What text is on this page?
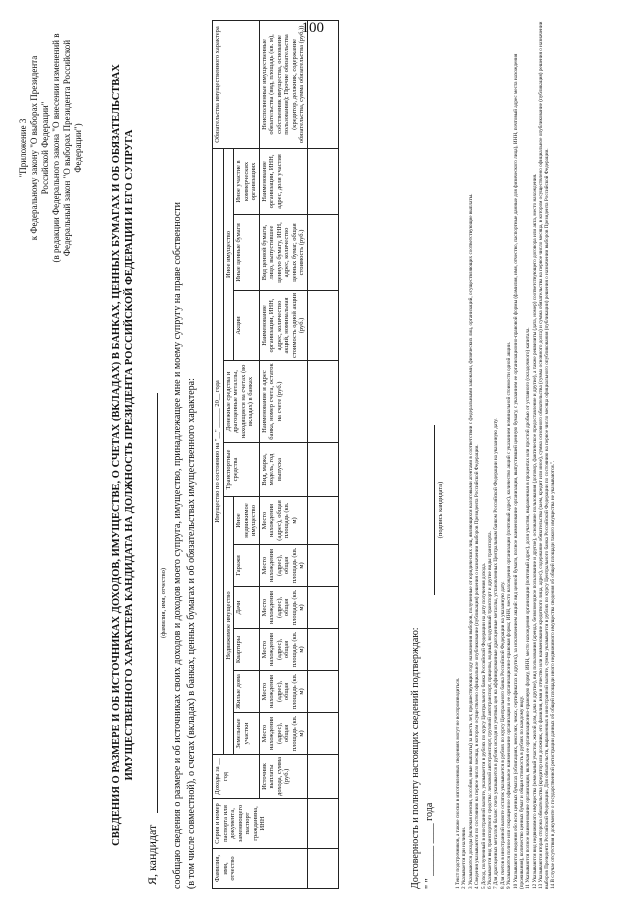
100
"Приложение 3 к Федеральному закону "О выборах Президента Российской Федерации" (в редакции Федерального закона "О внесении изменений в Федеральный закон "О выборах Президента Российской Федерации")	СВЕДЕНИЯ О РАЗМЕРЕ И ОБ ИСТОЧНИКАХ ДОХОДОВ, ИМУЩЕСТВЕ, О СЧЕТАХ (ВКЛАДАХ) В БАНКАХ, ЦЕННЫХ БУМАГАХ И ОБ ОБЯЗАТЕЛЬСТВАХ ИМУЩЕСТВЕННОГО ХАРАКТЕРА КАНДИДАТА НА ДОЛЖНОСТЬ ПРЕЗИДЕНТА РОССИЙСКОЙ ФЕДЕРАЦИИ И ЕГО СУПРУГА
Я, кандидат
(фамилия, имя, отчество) сообщаю сведения о размере и об источниках своих доходов и доходов моего супруга, имущество, принадлежащее мне и моему супругу на праве собственности (в том числе совместной), о счетах (вкладах) в банках, ценных бумагах и об обязательствах имущественного характера:	Фамилия, имя, отчество	Серия и номер паспорта или документа, заменяющего паспорт гражданина, ИНН	Доходы за __ год	Имущество по состоянию на "__" ______ 20__ года											Обязательства имущественного характера
			Недвижимое имущество						Транспортные средства	Денежные средства и драгоценные металлы, находящиеся на счетах (во вкладах) в банках	Иное имущество			
			Земельные участки	Жилые дома	Квартиры	Дачи	Гаражи	Иное недвижимое имущество			Акции	Иные ценные бумаги	Иное участие в коммерческих организациях	
		Источник выплаты дохода, сумма (руб.)	Место нахождения (адрес), общая площадь (кв. м)	Место нахождения (адрес), общая площадь (кв. м)	Место нахождения (адрес), общая площадь (кв. м)	Место нахождения (адрес), общая площадь (кв. м)	Место нахождения (адрес), общая площадь (кв. м)	Место нахождения (адрес), общая площадь (кв. м)	Вид, марка, модель, год выпуска	Наименование и адрес банка, номер счета, остаток на счете (руб.)	Наименование организации, ИНН, адрес, количество акций, номинальная стоимость одной акции (руб.)	Вид ценной бумаги, лицо, выпустившее ценную бумагу, ИНН, адрес, количество ценных бумаг, общая стоимость (руб.)	Наименование организации, ИНН, адрес, доля участия	Неисполненные имущественные обязательства (вид, площадь (кв. м), собственник имущества, основание пользования); Прочие обязательства (кредитор, должник, содержание обязательства, сумма обязательства (руб.))

Достоверность и полноту настоящих сведений подтверждаю: " " ______ ____ года
(подпись кандидата)
1 Текст подстрочников, а также сноски в изготовленных сведениях могут не воспроизводиться. 2 Указывается при наличии. 3 Указываются доходы (включая пенсии, пособия, иные выплаты) за шесть лет, предшествующих году назначения выборов, полученные от юридических лиц, являющихся налоговыми агентами в соответствии с федеральными законами, физических лиц, организаций, осуществляющих соответствующие выплаты. 4 Сведения указываются по состоянию на первое число месяца, в котором осуществлено официальное опубликование (публикация) решения о назначении выборов Президента Российской Федерации. 5 Доход, полученный в иностранной валюте, указывается в рублях по курсу Центрального банка Российской Федерации на дату получения дохода. 6 Указывается вид транспортного средства: легковой автотранспорт, грузовой автотранспорт, прицепы, водный, воздушный транспорт и другие виды транспорта. 7 Для драгоценных металлов баланс счета указывается в рублях исходя из учетных цен на аффинированные драгоценные металлы, установленных Центральным банком Российской Федерации на указанную дату. 8 Для счетов в иностранной валюте остаток указывается в рублях по курсу Центрального банка Российской Федерации на указанную дату. 9 Указываются полное или сокращенное официальное наименование организации и ее организационно-правовая форма; ИНН, место нахождения организации (почтовый адрес), количество акций с указанием номинальной стоимости одной акции. 10 Указываются сведения обо всех ценных бумагах (облигациях, векселях, чеках, сертификатах и других), за исключением акций: вид ценной бумаги, полное наименование организации, выпустившей ценную бумагу, с указанием ее организационно-правовой формы (фамилия, имя, отчество, паспортные данные для физического лица), ИНН, почтовый адрес места нахождения (проживания), количество ценных бумаг и общая стоимость в рублях по каждому виду. 11 Указываются полное наименование организации, включая ее организационно-правовую форму, ИНН, место нахождения организации (почтовый адрес), доля участия, выраженная в процентах или простой дробью от уставного (складочного) капитала. 12 Указываются вид недвижимого имущества (земельный участок, жилой дом, дача и другие), вид пользования (аренда, безвозмездное пользование и другие), основание пользования (договор, фактическое предоставление и другие), а также реквизиты (дата, номер) соответствующего договора или акта, место нахождения. 13 Указываются вторая сторона обязательства (кредитор или должник, его фамилия, имя и отчество или наименование кредитного лица, адрес), содержание обязательства (заем, кредит или иное), сумма основного обязательства (сумма основного долга) и сумма обязательства на первое число месяца, в котором осуществлено официальное опубликование (публикация) решения о назначении выборов Президента Российской Федерации. Для обязательств, выраженных в иностранной валюте, сумма указывается в рублях по курсу Центрального банка Российской Федерации по состоянию на первое число месяца официального опубликования (публикации) решения о назначении выборов Президента Российской Федерации. 14 В случае отсутствия в документе о государственной регистрации данных об общей площади иного недвижимого имущества сведения об общей площади такого имущества не указываются.".
